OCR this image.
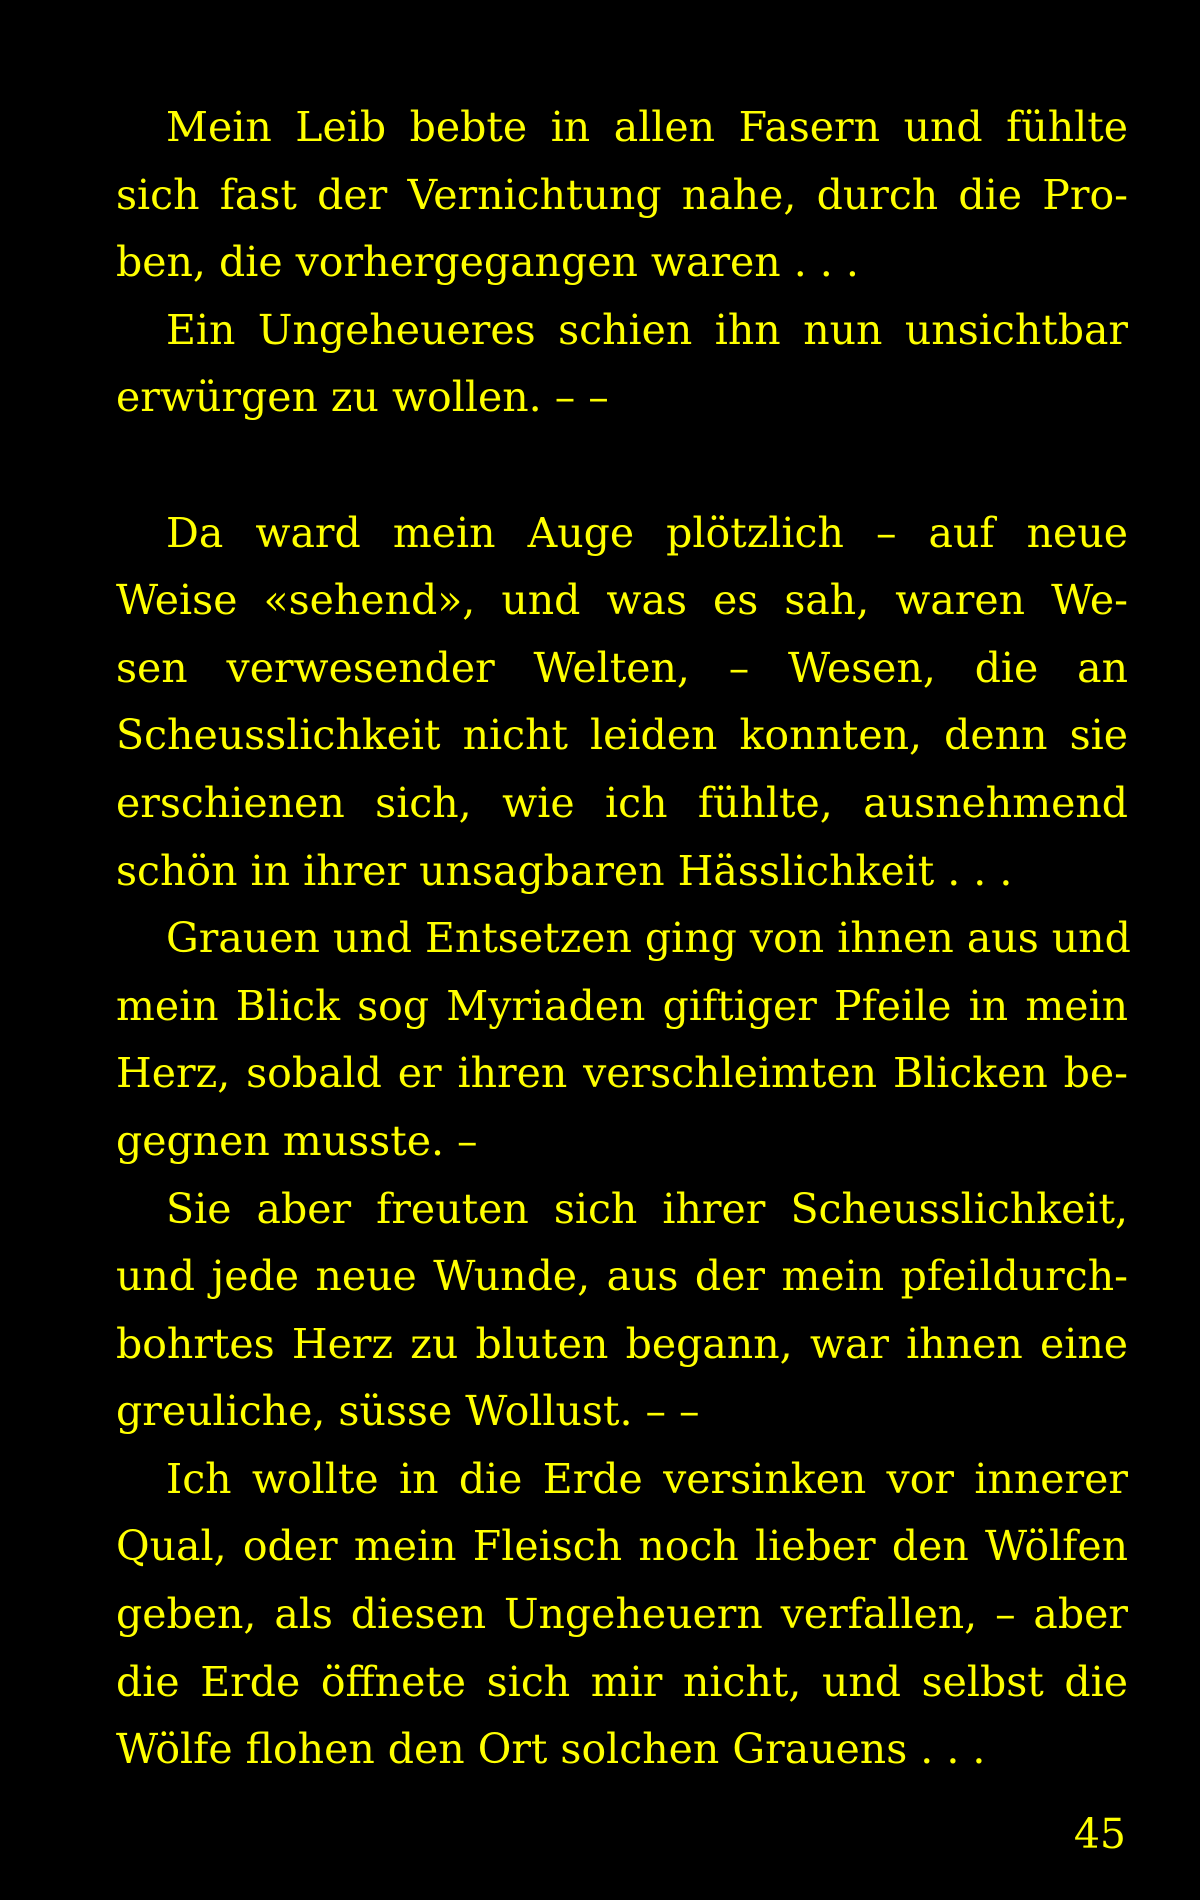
Mein Leib bebte in allen Fasern und fühlte
sich fast der Vernichtung nahe, durch die Pro-
ben, die vorhergegangen waren . . .
Ein Ungeheueres schien ihn nun unsichtbar
erwürgen zu wollen. – –
Da ward mein Auge plötzlich – auf neue
Weise «sehend», und was es sah, waren We-
sen verwesender Welten, – Wesen, die an
Scheusslichkeit nicht leiden konnten, denn sie
erschienen sich, wie ich fühlte, ausnehmend
schön in ihrer unsagbaren Hässlichkeit . . .
Grauen und Entsetzen ging von ihnen aus und
mein Blick sog Myriaden giftiger Pfeile in mein
Herz, sobald er ihren verschleimten Blicken be-
gegnen musste. –
Sie aber freuten sich ihrer Scheusslichkeit,
und jede neue Wunde, aus der mein pfeildurch-
bohrtes Herz zu bluten begann, war ihnen eine
greuliche, süsse Wollust. – –
Ich wollte in die Erde versinken vor innerer
Qual, oder mein Fleisch noch lieber den Wölfen
geben, als diesen Ungeheuern verfallen, – aber
die Erde öffnete sich mir nicht, und selbst die
Wölfe flohen den Ort solchen Grauens . . .
45
